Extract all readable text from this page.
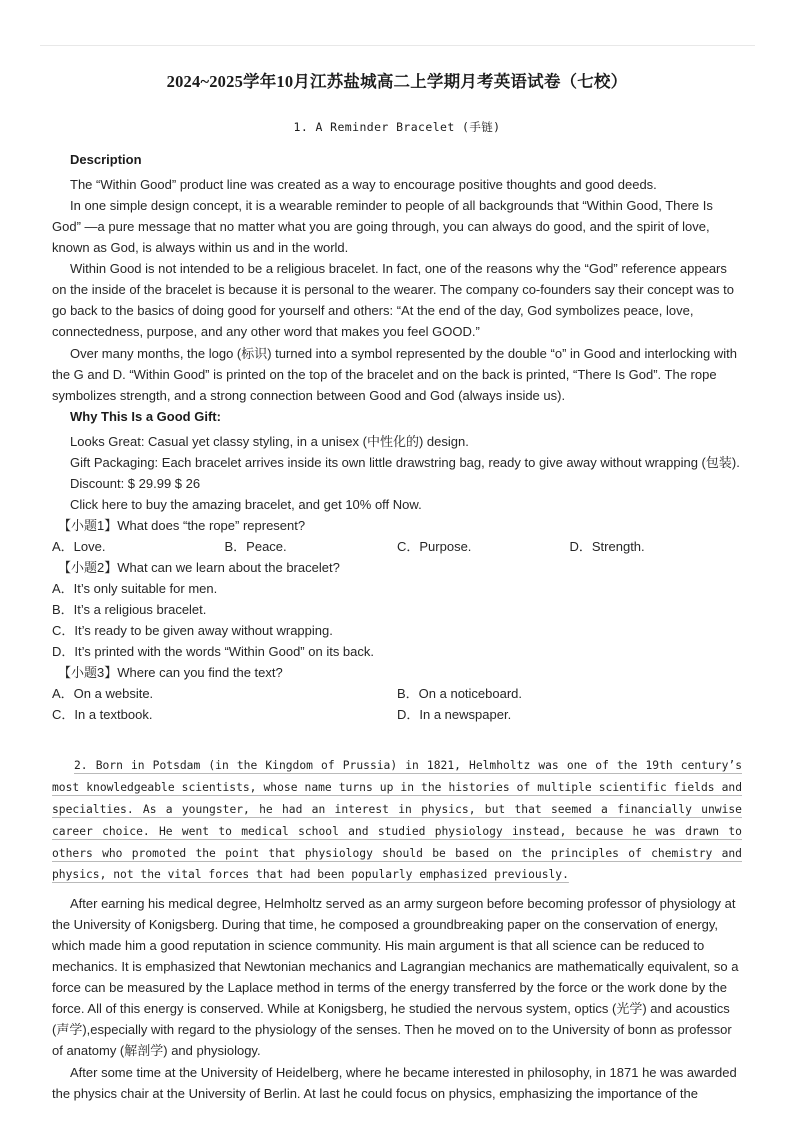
2024~2025学年10月江苏盐城高二上学期月考英语试卷（七校）
1. A Reminder Bracelet (手链)
Description

The “Within Good” product line was created as a way to encourage positive thoughts and good deeds.

In one simple design concept, it is a wearable reminder to people of all backgrounds that “Within Good, There Is God” —a pure message that no matter what you are going through, you can always do good, and the spirit of love, known as God, is always within us and in the world.

Within Good is not intended to be a religious bracelet. In fact, one of the reasons why the “God” reference appears on the inside of the bracelet is because it is personal to the wearer. The company co-founders say their concept was to go back to the basics of doing good for yourself and others: “At the end of the day, God symbolizes peace, love, connectedness, purpose, and any other word that makes you feel GOOD.”

Over many months, the logo (标识) turned into a symbol represented by the double “o” in Good and interlocking with the G and D. “Within Good” is printed on the top of the bracelet and on the back is printed, “There Is God”. The rope symbolizes strength, and a strong connection between Good and God (always inside us).

Why This Is a Good Gift:

Looks Great: Casual yet classy styling, in a unisex (中性化的) design.

Gift Packaging: Each bracelet arrives inside its own little drawstring bag, ready to give away without wrapping (包装).

Discount: $ 29.99 $ 26

Click here to buy the amazing bracelet, and get 10% off Now.

【小题1】What does “the rope” represent?

A．Love.	B．Peace.	C．Purpose.	D．Strength.

【小题2】What can we learn about the bracelet?

A．It’s only suitable for men.
B．It’s a religious bracelet.
C．It’s ready to be given away without wrapping.
D．It’s printed with the words “Within Good” on its back.

【小题3】Where can you find the text?

A．On a website.	B．On a noticeboard.
C．In a textbook.	D．In a newspaper.

2. Born in Potsdam (in the Kingdom of Prussia) in 1821, Helmholtz was one of the 19th century’s most knowledgeable scientists, whose name turns up in the histories of multiple scientific fields and specialties. As a youngster, he had an interest in physics, but that seemed a financially unwise career choice. He went to medical school and studied physiology instead, because he was drawn to others who promoted the point that physiology should be based on the principles of chemistry and physics, not the vital forces that had been popularly emphasized previously.

After earning his medical degree, Helmholtz served as an army surgeon before becoming professor of physiology at the University of Konigsberg. During that time, he composed a groundbreaking paper on the conservation of energy, which made him a good reputation in science community. His main argument is that all science can be reduced to mechanics. It is emphasized that Newtonian mechanics and Lagrangian mechanics are mathematically equivalent, so a force can be measured by the Laplace method in terms of the energy transferred by the force or the work done by the force. All of this energy is conserved. While at Konigsberg, he studied the nervous system, optics (光学) and acoustics (声学),especially with regard to the physiology of the senses. Then he moved on to the University of bonn as professor of anatomy (解剖学) and physiology.

After some time at the University of Heidelberg, where he became interested in philosophy, in 1871 he was awarded the physics chair at the University of Berlin. At last he could focus on physics, emphasizing the importance of the
